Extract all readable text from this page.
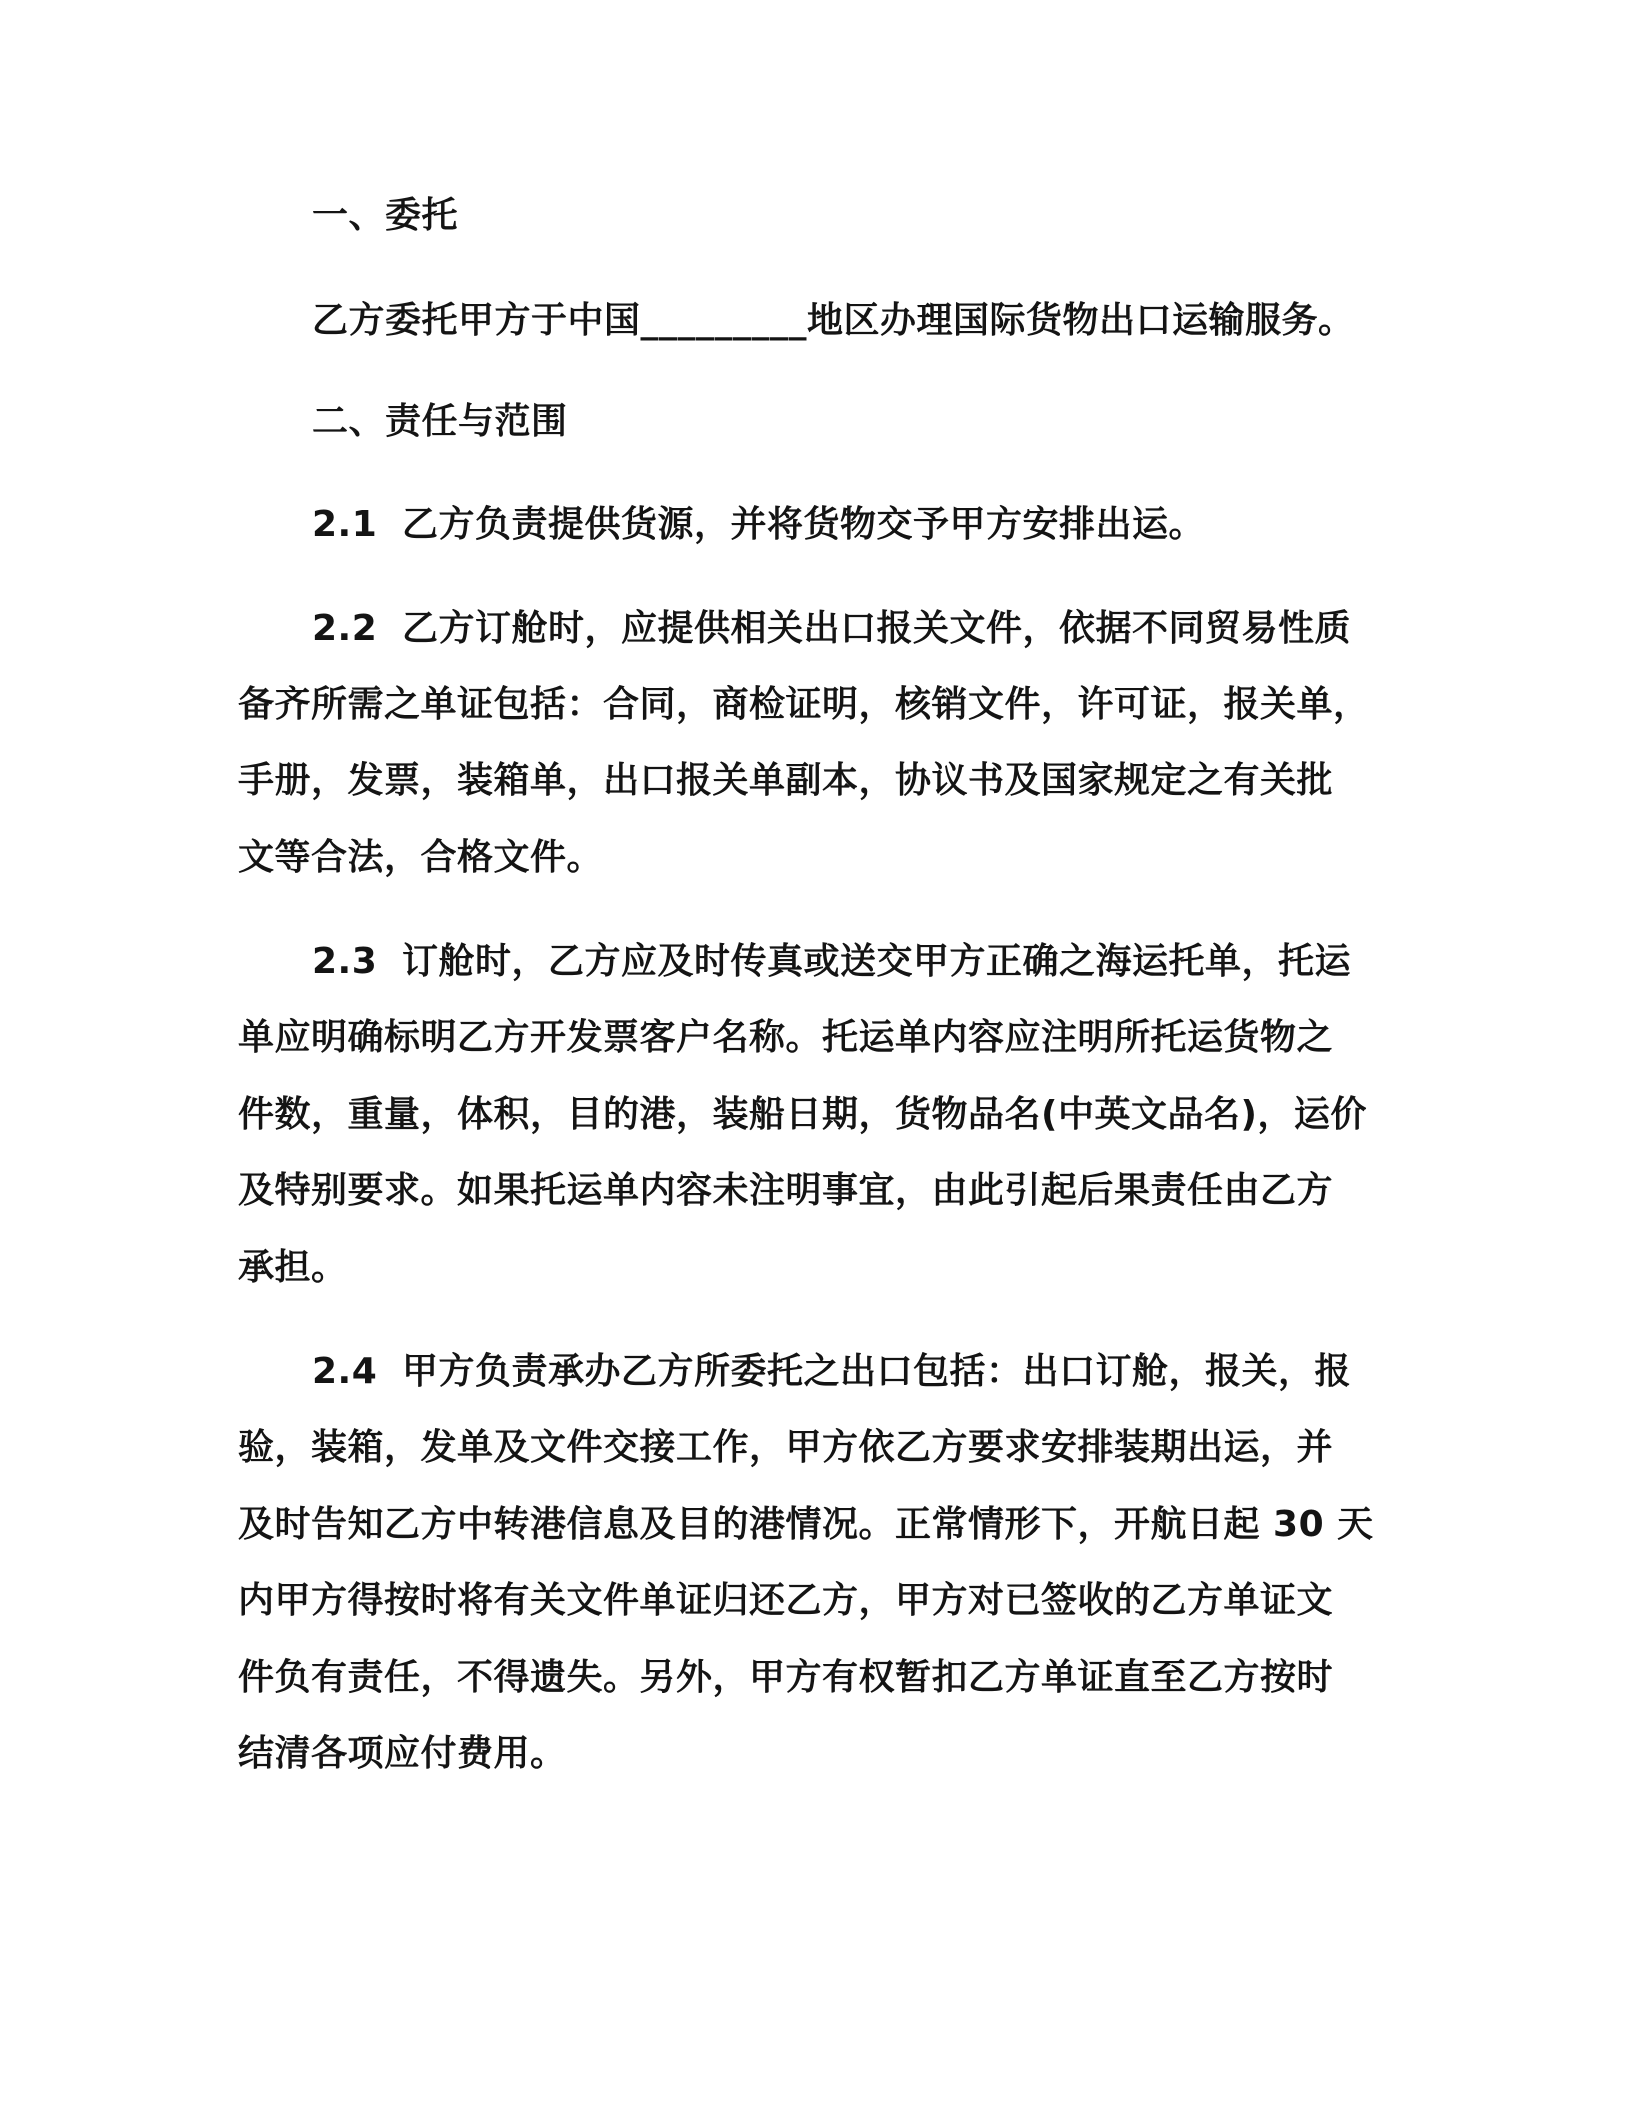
一、委托
乙方委托甲方于中国_________地区办理国际货物出口运输服务。
二、责任与范围
2.1 乙方负责提供货源，并将货物交予甲方安排出运。
2.2 乙方订舱时，应提供相关出口报关文件，依据不同贸易性质
备齐所需之单证包括：合同，商检证明，核销文件，许可证，报关单，
手册，发票，装箱单，出口报关单副本，协议书及国家规定之有关批
文等合法，合格文件。
2.3 订舱时，乙方应及时传真或送交甲方正确之海运托单，托运
单应明确标明乙方开发票客户名称。托运单内容应注明所托运货物之
件数，重量，体积，目的港，装船日期，货物品名(中英文品名)，运价
及特别要求。如果托运单内容未注明事宜，由此引起后果责任由乙方
承担。
2.4 甲方负责承办乙方所委托之出口包括：出口订舱，报关，报
验，装箱，发单及文件交接工作，甲方依乙方要求安排装期出运，并
及时告知乙方中转港信息及目的港情况。正常情形下，开航日起 30 天
内甲方得按时将有关文件单证归还乙方，甲方对已签收的乙方单证文
件负有责任，不得遗失。另外，甲方有权暂扣乙方单证直至乙方按时
结清各项应付费用。
